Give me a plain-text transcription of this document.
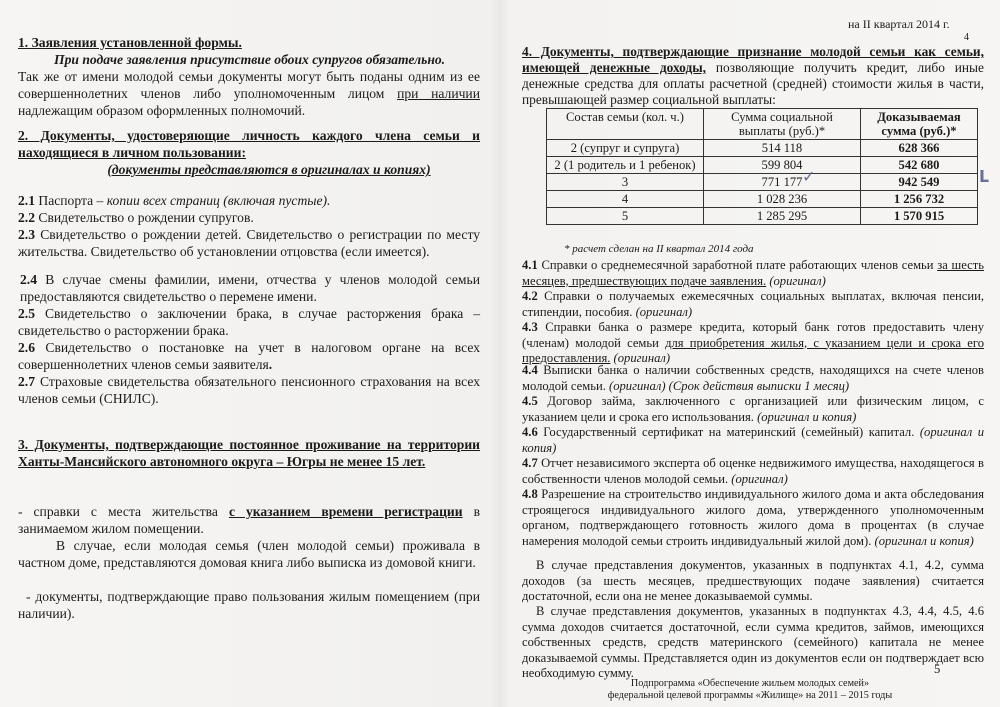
на II квартал 2014 г.
4

1. Заявления установленной формы.

При подаче заявления присутствие обоих супругов обязательно.

Так же от имени молодой семьи документы могут быть поданы одним из ее совершеннолетних членов либо уполномоченным лицом при наличии надлежащим образом оформленных полномочий.

2. Документы, удостоверяющие личность каждого члена семьи и находящиеся в личном пользовании:

(документы представляются в оригиналах и копиях)

2.1 Паспорта – копии всех страниц (включая пустые).

2.2 Свидетельство о рождении супругов.

2.3 Свидетельство о рождении детей. Свидетельство о регистрации по месту жительства. Свидетельство об установлении отцовства (если имеется).

2.4 В случае смены фамилии, имени, отчества у членов молодой семьи предоставляются свидетельство о перемене имени.

2.5 Свидетельство о заключении брака, в случае расторжения брака – свидетельство о расторжении брака.

2.6 Свидетельство о постановке на учет в налоговом органе на всех совершеннолетних членов семьи заявителя.

2.7 Страховые свидетельства обязательного пенсионного страхования на всех членов семьи (СНИЛС).

3. Документы, подтверждающие постоянное проживание на территории Ханты-Мансийского автономного округа – Югры не менее 15 лет.

- справки с места жительства с указанием времени регистрации в занимаемом жилом помещении.

В случае, если молодая семья (член молодой семьи) проживала в частном доме, представляются домовая книга либо выписка из домовой книги.

- документы, подтверждающие право пользования жилым помещением (при наличии).

4. Документы, подтверждающие признание молодой семьи как семьи, имеющей денежные доходы, позволяющие получить кредит, либо иные денежные средства для оплаты расчетной (средней) стоимости жилья в части, превышающей размер социальной выплаты:

Состав семьи (кол. ч.)	Сумма социальной выплаты (руб.)*	Доказываемая сумма (руб.)*
2 (супруг и супруга)	514 118	628 366
2 (1 родитель и 1 ребенок)	599 804	542 680
3	771 177 ✓	942 549 ᒪ

4	1 028 236	1 256 732
5	1 285 295	1 570 915

* расчет сделан на II квартал 2014 года

4.1 Справки о среднемесячной заработной плате работающих членов семьи за шесть месяцев, предшествующих подаче заявления. (оригинал)

4.2 Справки о получаемых ежемесячных социальных выплатах, включая пенсии, стипендии, пособия. (оригинал)

4.3 Справки банка о размере кредита, который банк готов предоставить члену (членам) молодой семьи для приобретения жилья, с указанием цели и срока его предоставления. (оригинал)

4.4 Выписки банка о наличии собственных средств, находящихся на счете членов молодой семьи. (оригинал) (Срок действия выписки 1 месяц)

4.5 Договор займа, заключенного с организацией или физическим лицом, с указанием цели и срока его использования. (оригинал и копия)

4.6 Государственный сертификат на материнский (семейный) капитал. (оригинал и копия)

4.7 Отчет независимого эксперта об оценке недвижимого имущества, находящегося в собственности членов молодой семьи. (оригинал)

4.8 Разрешение на строительство индивидуального жилого дома и акта обследования строящегося индивидуального жилого дома, утвержденного уполномоченным органом, подтверждающего готовность жилого дома в процентах (в случае намерения молодой семьи строить индивидуальный жилой дом). (оригинал и копия)

В случае представления документов, указанных в подпунктах 4.1, 4.2, сумма доходов (за шесть месяцев, предшествующих подаче заявления) считается достаточной, если она не менее доказываемой суммы.

В случае представления документов, указанных в подпунктах 4.3, 4.4, 4.5, 4.6 сумма доходов считается достаточной, если сумма кредитов, займов, имеющихся собственных средств, средств материнского (семейного) капитала не менее доказываемой суммы. Представляется один из документов если он подтверждает всю необходимую сумму.	5
Подпрограмма «Обеспечение жильем молодых семей»
федеральной целевой программы «Жилище» на 2011 – 2015 годы
